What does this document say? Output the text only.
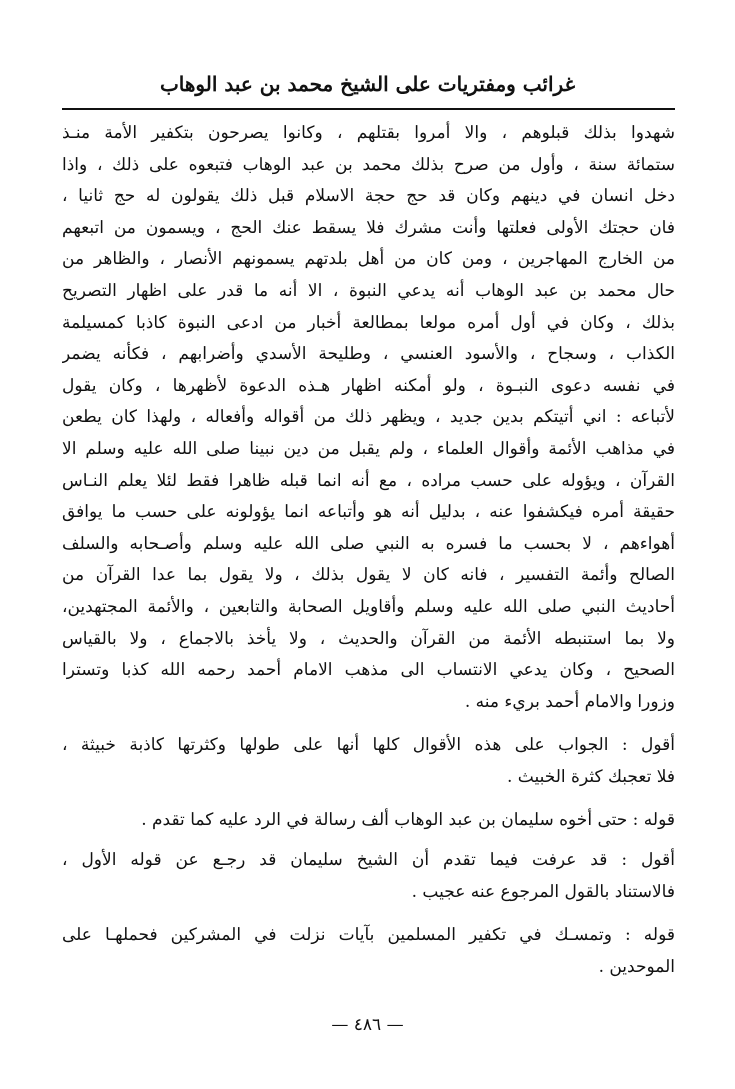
غرائب ومفتريات على الشيخ محمد بن عبد الوهاب
شهدوا بذلك قبلوهم ، والا أمروا بقتلهم ، وكانوا يصرحون بتكفير الأمة منـذ
ستمائة سنة ، وأول من صرح بذلك محمد بن عبد الوهاب فتبعوه على ذلك ، واذا
دخل انسان في دينهم وكان قد حج حجة الاسلام قبل ذلك يقولون له حج ثانيا ،
فان حجتك الأولى فعلتها وأنت مشرك فلا يسقط عنك الحج ، ويسمون من اتبعهم
من الخارج المهاجرين ، ومن كان من أهل بلدتهم يسمونهم الأنصار ، والظاهر من
حال محمد بن عبد الوهاب أنه يدعي النبوة ، الا أنه ما قدر على اظهار التصريح
بذلك ، وكان في أول أمره مولعا بمطالعة أخبار من ادعى النبوة كاذبا كمسيلمة
الكذاب ، وسجاح ، والأسود العنسي ، وطليحة الأسدي وأضرابهم ، فكأنه يضمر
في نفسه دعوى النبـوة ، ولو أمكنه اظهار هـذه الدعوة لأظهرها ، وكان يقول
لأتباعه : اني أتيتكم بدين جديد ، ويظهر ذلك من أقواله وأفعاله ، ولهذا كان يطعن
في مذاهب الأئمة وأقوال العلماء ، ولم يقبل من دين نبينا صلى الله عليه وسلم الا
القرآن ، ويؤوله على حسب مراده ، مع أنه انما قبله ظاهرا فقط لئلا يعلم النـاس
حقيقة أمره فيكشفوا عنه ، بدليل أنه هو وأتباعه انما يؤولونه على حسب ما يوافق
أهواءهم ، لا بحسب ما فسره به النبي صلى الله عليه وسلم وأصـحابه والسلف
الصالح وأئمة التفسير ، فانه كان لا يقول بذلك ، ولا يقول بما عدا القرآن من
أحاديث النبي صلى الله عليه وسلم وأقاويل الصحابة والتابعين ، والأئمة المجتهدين،
ولا بما استنبطه الأئمة من القرآن والحديث ، ولا يأخذ بالاجماع ، ولا بالقياس
الصحيح ، وكان يدعي الانتساب الى مذهب الامام أحمد رحمه الله كذبا وتسترا
وزورا والامام أحمد بريء منه .
أقول : الجواب على هذه الأقوال كلها أنها على طولها وكثرتها كاذبة خبيثة ،
فلا تعجبك كثرة الخبيث .
قوله : حتى أخوه سليمان بن عبد الوهاب ألف رسالة في الرد عليه كما تقدم .
أقول : قد عرفت فيما تقدم أن الشيخ سليمان قد رجـع عن قوله الأول ،
فالاستناد بالقول المرجوع عنه عجيب .
قوله : وتمسـك في تكفير المسلمين بآيات نزلت في المشركين فحملهـا على
الموحدين .
— ٤٨٦ —
